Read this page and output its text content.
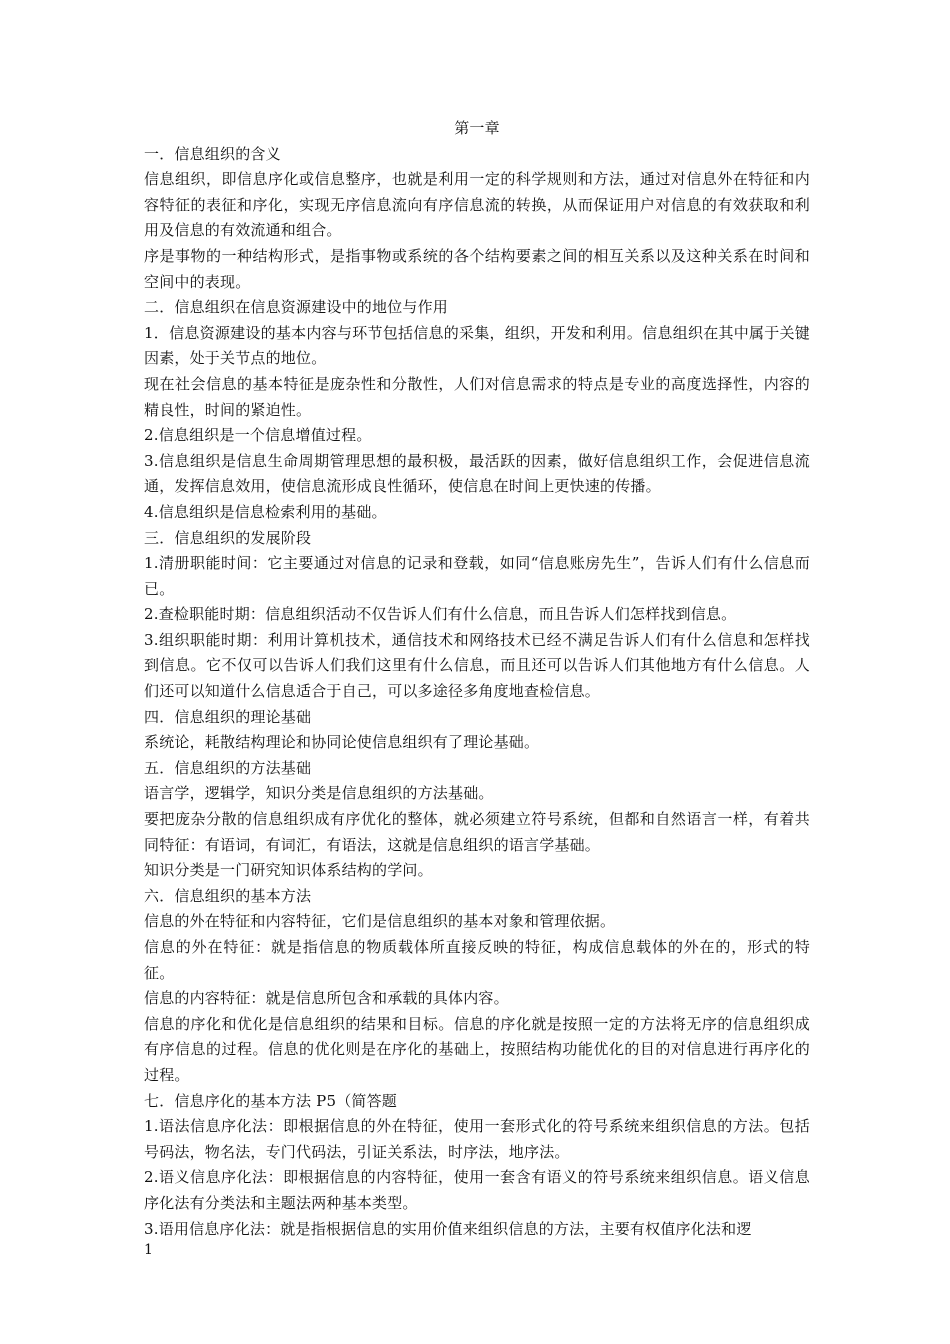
第一章
一．信息组织的含义

信息组织，即信息序化或信息整序，也就是利用一定的科学规则和方法，通过对信息外在特征和内容特征的表征和序化，实现无序信息流向有序信息流的转换，从而保证用户对信息的有效获取和利用及信息的有效流通和组合。

序是事物的一种结构形式，是指事物或系统的各个结构要素之间的相互关系以及这种关系在时间和空间中的表现。

二．信息组织在信息资源建设中的地位与作用

1．信息资源建设的基本内容与环节包括信息的采集，组织，开发和利用。信息组织在其中属于关键因素，处于关节点的地位。

现在社会信息的基本特征是庞杂性和分散性，人们对信息需求的特点是专业的高度选择性，内容的精良性，时间的紧迫性。

2.信息组织是一个信息增值过程。

3.信息组织是信息生命周期管理思想的最积极，最活跃的因素，做好信息组织工作，会促进信息流通，发挥信息效用，使信息流形成良性循环，使信息在时间上更快速的传播。

4.信息组织是信息检索利用的基础。

三．信息组织的发展阶段

1.清册职能时间：它主要通过对信息的记录和登载，如同“信息账房先生”，告诉人们有什么信息而已。

2.查检职能时期：信息组织活动不仅告诉人们有什么信息，而且告诉人们怎样找到信息。

3.组织职能时期：利用计算机技术，通信技术和网络技术已经不满足告诉人们有什么信息和怎样找到信息。它不仅可以告诉人们我们这里有什么信息，而且还可以告诉人们其他地方有什么信息。人们还可以知道什么信息适合于自己，可以多途径多角度地查检信息。

四．信息组织的理论基础

系统论，耗散结构理论和协同论使信息组织有了理论基础。

五．信息组织的方法基础

语言学，逻辑学，知识分类是信息组织的方法基础。

要把庞杂分散的信息组织成有序优化的整体，就必须建立符号系统，但都和自然语言一样，有着共同特征：有语词，有词汇，有语法，这就是信息组织的语言学基础。

知识分类是一门研究知识体系结构的学问。

六．信息组织的基本方法

信息的外在特征和内容特征，它们是信息组织的基本对象和管理依据。

信息的外在特征：就是指信息的物质载体所直接反映的特征，构成信息载体的外在的，形式的特征。

信息的内容特征：就是信息所包含和承载的具体内容。

信息的序化和优化是信息组织的结果和目标。信息的序化就是按照一定的方法将无序的信息组织成有序信息的过程。信息的优化则是在序化的基础上，按照结构功能优化的目的对信息进行再序化的过程。

七．信息序化的基本方法 P5（简答题

1.语法信息序化法：即根据信息的外在特征，使用一套形式化的符号系统来组织信息的方法。包括号码法，物名法，专门代码法，引证关系法，时序法，地序法。

2.语义信息序化法：即根据信息的内容特征，使用一套含有语义的符号系统来组织信息。语义信息序化法有分类法和主题法两种基本类型。

3.语用信息序化法：就是指根据信息的实用价值来组织信息的方法，主要有权值序化法和逻

1
